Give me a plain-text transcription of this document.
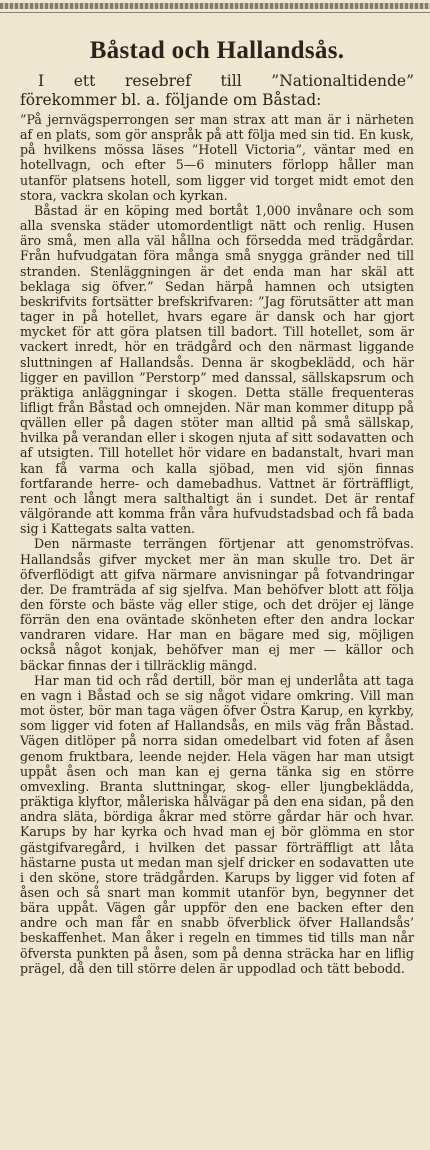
Båstad och Hallandsås.

I ett resebref till ”Nationaltidende” förekommer bl. a. följande om Båstad:

”På jernvägsperrongen ser man strax att man är i närheten af en plats, som gör anspråk på att följa med sin tid. En kusk, på hvilkens mössa läses ”Hotell Victoria”, väntar med en hotellvagn, och efter 5—6 minuters förlopp håller man utanför platsens hotell, som ligger vid torget midt emot den stora, vackra skolan och kyrkan.

Båstad är en köping med bortåt 1,000 invånare och som alla svenska städer utomordentligt nätt och renlig. Husen äro små, men alla väl hållna och försedda med trädgårdar. Från hufvudgatan föra många små snygga gränder ned till stranden. Stenläggningen är det enda man har skäl att beklaga sig öfver.” Sedan härpå hamnen och utsigten beskrifvits fortsätter brefskrifvaren: ”Jag förutsätter att man tager in på hotellet, hvars egare är dansk och har gjort mycket för att göra platsen till badort. Till hotellet, som är vackert inredt, hör en trädgård och den närmast liggande sluttningen af Hallandsås. Denna är skogbeklädd, och här ligger en pavillon ”Perstorp” med danssal, sällskapsrum och präktiga anläggningar i skogen. Detta ställe frequenteras lifligt från Båstad och omnejden. När man kommer ditupp på qvällen eller på dagen stöter man alltid på små sällskap, hvilka på verandan eller i skogen njuta af sitt sodavatten och af utsigten. Till hotellet hör vidare en badanstalt, hvari man kan få varma och kalla sjöbad, men vid sjön finnas fortfarande herre- och damebadhus. Vattnet är förträffligt, rent och långt mera salthaltigt än i sundet. Det är rentaf välgörande att komma från våra hufvudstadsbad och få bada sig i Kattegats salta vatten.

Den närmaste terrängen förtjenar att genomströfvas. Hallandsås gifver mycket mer än man skulle tro. Det är öfverflödigt att gifva närmare anvisningar på fotvandringar der. De framträda af sig sjelfva. Man behöfver blott att följa den förste och bäste väg eller stige, och det dröjer ej länge förrän den ena oväntade skönheten efter den andra lockar vandraren vidare. Har man en bägare med sig, möjligen också något konjak, behöfver man ej mer — källor och bäckar finnas der i tillräcklig mängd.

Har man tid och råd dertill, bör man ej underlåta att taga en vagn i Båstad och se sig något vidare omkring. Vill man mot öster, bör man taga vägen öfver Östra Karup, en kyrkby, som ligger vid foten af Hallandsås, en mils väg från Båstad. Vägen ditlöper på norra sidan omedelbart vid foten af åsen genom fruktbara, leende nejder. Hela vägen har man utsigt uppåt åsen och man kan ej gerna tänka sig en större omvexling. Branta sluttningar, skog- eller ljungbeklädda, präktiga klyftor, måleriska hålvägar på den ena sidan, på den andra släta, bördiga åkrar med större gårdar här och hvar. Karups by har kyrka och hvad man ej bör glömma en stor gästgifvaregård, i hvilken det passar förträffligt att låta hästarne pusta ut medan man sjelf dricker en sodavatten ute i den sköne, store trädgården. Karups by ligger vid foten af åsen och så snart man kommit utanför byn, begynner det bära uppåt. Vägen går uppför den ene backen efter den andre och man får en snabb öfverblick öfver Hallandsås’ beskaffenhet. Man åker i regeln en timmes tid tills man når öfversta punkten på åsen, som på denna sträcka har en liflig prägel, då den till större delen är uppodlad och tätt bebodd.
